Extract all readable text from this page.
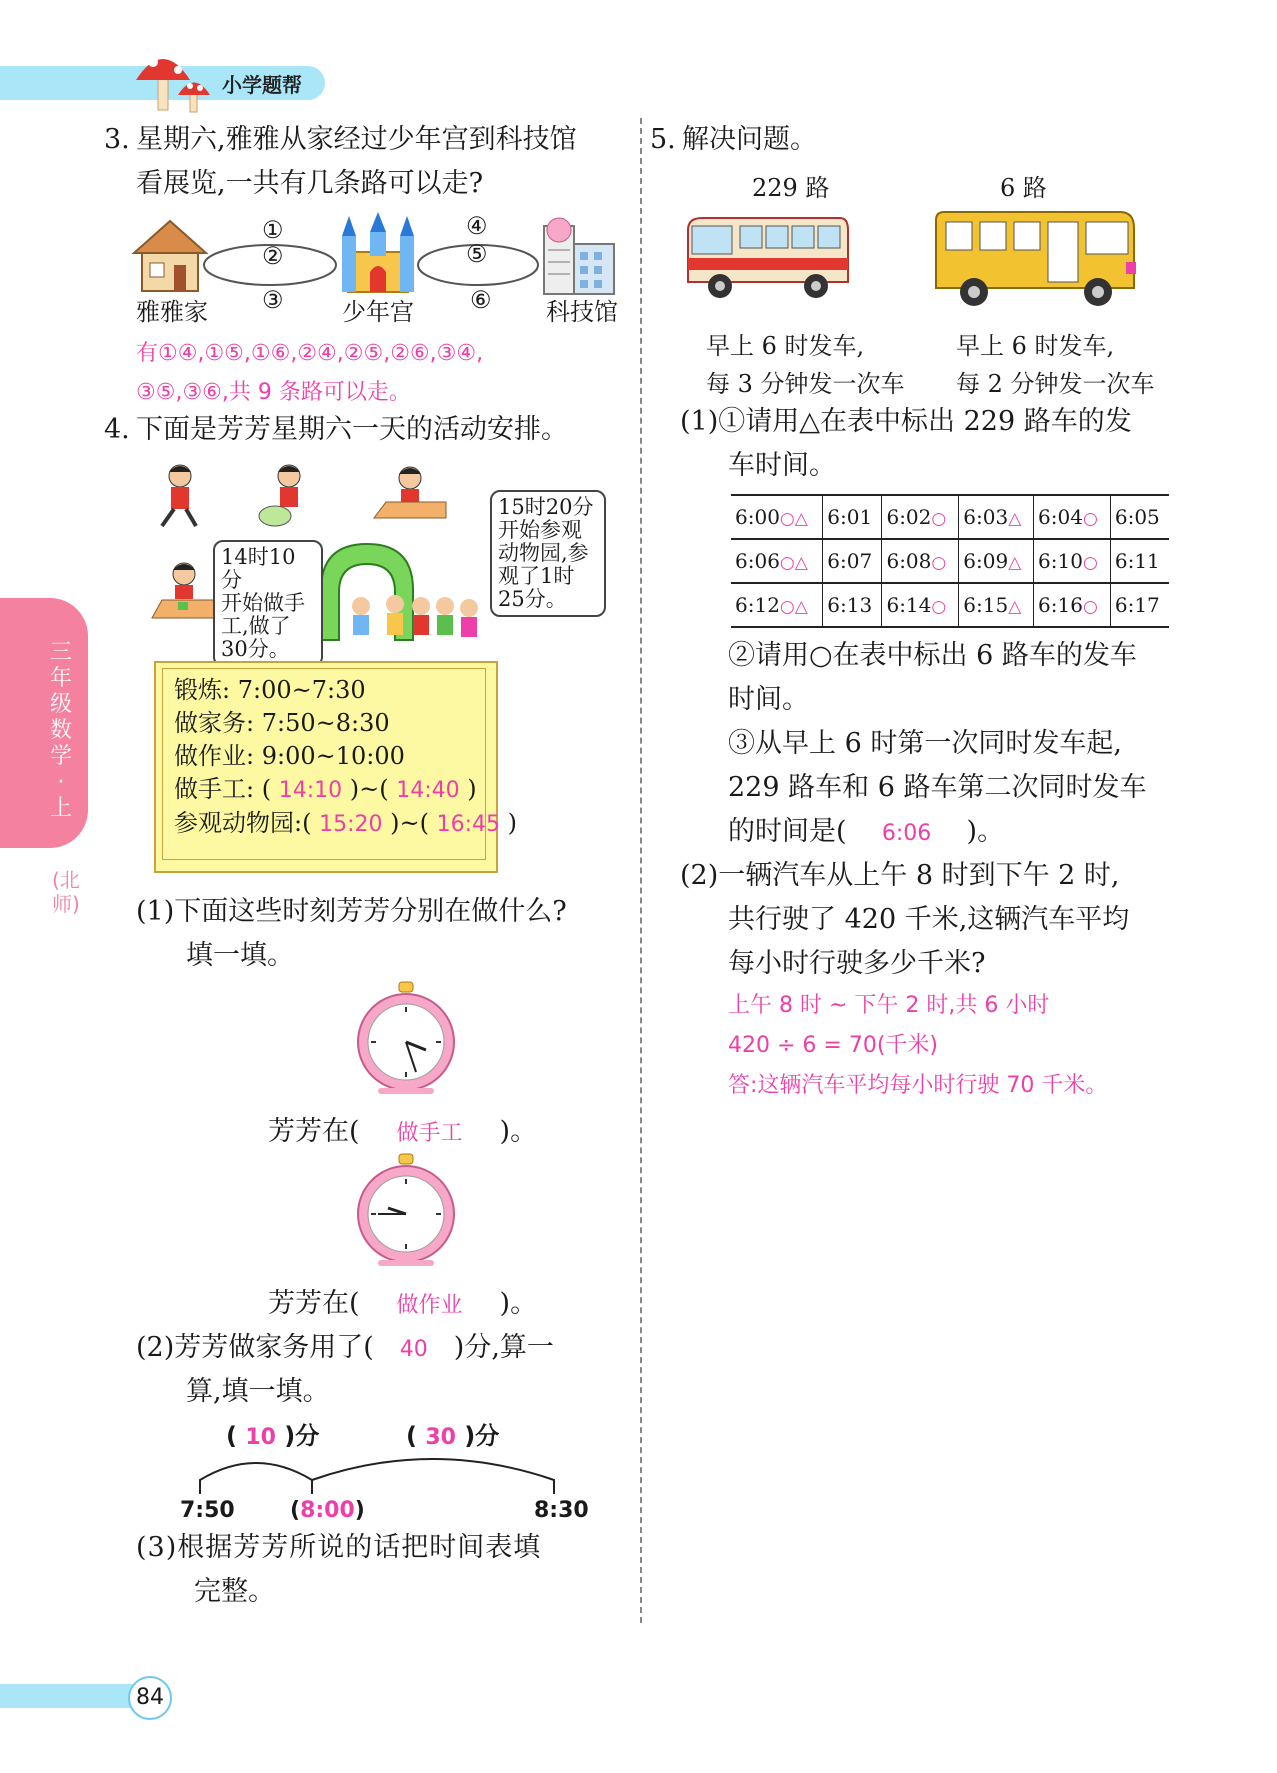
小学题帮
三年级数学·上
(北师)
3. 星期六,雅雅从家经过少年宫到科技馆
看展览,一共有几条路可以走?
①
②
③
④
⑤
⑥
雅雅家	少年宫	科技馆
有①④,①⑤,①⑥,②④,②⑤,②⑥,③④,
③⑤,③⑥,共 9 条路可以走。
4. 下面是芳芳星期六一天的活动安排。
14时10分
开始做手
工,做了
30分。
15时20分
开始参观
动物园,参
观了1时
25分。
锻炼: 7:00~7:30
做家务: 7:50~8:30
做作业: 9:00~10:00
做手工: ( 14:10 )~( 14:40 )
参观动物园:( 15:20 )~( 16:45 )
(1)下面这些时刻芳芳分别在做什么?
填一填。
芳芳在( 做手工 )。
芳芳在( 做作业 )。
(2)芳芳做家务用了( 40 )分,算一
算,填一填。
( 10 )分	( 30 )分
7:50	(8:00)	8:30
(3)根据芳芳所说的话把时间表填
完整。
5. 解决问题。
229 路	6 路
早上 6 时发车,
每 3 分钟发一次车
早上 6 时发车,
每 2 分钟发一次车
(1)①请用△在表中标出 229 路车的发
车时间。
6:00○△	6:01	6:02○	6:03△	6:04○	6:05
6:06○△	6:07	6:08○	6:09△	6:10○	6:11
6:12○△	6:13	6:14○	6:15△	6:16○	6:17
②请用○在表中标出 6 路车的发车
时间。
③从早上 6 时第一次同时发车起,
229 路车和 6 路车第二次同时发车
的时间是( 6:06 )。
(2)一辆汽车从上午 8 时到下午 2 时,
共行驶了 420 千米,这辆汽车平均
每小时行驶多少千米?
上午 8 时 ~ 下午 2 时,共 6 小时
420 ÷ 6 = 70(千米)
答:这辆汽车平均每小时行驶 70 千米。
84
